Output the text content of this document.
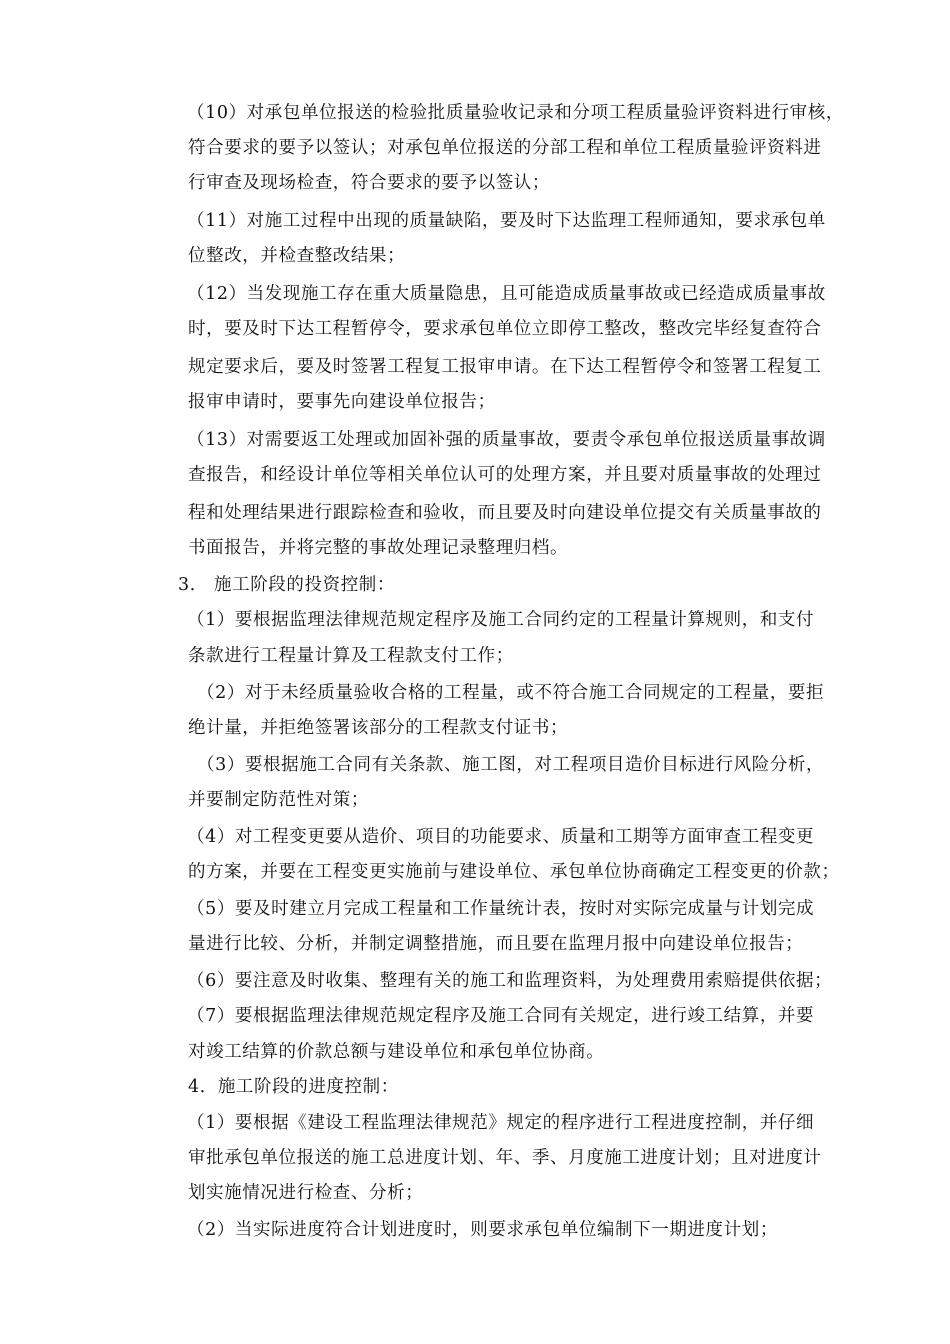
（10）对承包单位报送的检验批质量验收记录和分项工程质量验评资料进行审核，
符合要求的要予以签认；对承包单位报送的分部工程和单位工程质量验评资料进
行审查及现场检查，符合要求的要予以签认；
（11）对施工过程中出现的质量缺陷，要及时下达监理工程师通知，要求承包单
位整改，并检查整改结果；
（12）当发现施工存在重大质量隐患，且可能造成质量事故或已经造成质量事故
时，要及时下达工程暂停令，要求承包单位立即停工整改，整改完毕经复查符合
规定要求后，要及时签署工程复工报审申请。在下达工程暂停令和签署工程复工
报审申请时，要事先向建设单位报告；
（13）对需要返工处理或加固补强的质量事故，要责令承包单位报送质量事故调
查报告，和经设计单位等相关单位认可的处理方案，并且要对质量事故的处理过
程和处理结果进行跟踪检查和验收，而且要及时向建设单位提交有关质量事故的
书面报告，并将完整的事故处理记录整理归档。
3． 施工阶段的投资控制：
（1）要根据监理法律规范规定程序及施工合同约定的工程量计算规则，和支付
条款进行工程量计算及工程款支付工作；
（2）对于未经质量验收合格的工程量，或不符合施工合同规定的工程量，要拒
绝计量，并拒绝签署该部分的工程款支付证书；
（3）要根据施工合同有关条款、施工图，对工程项目造价目标进行风险分析，
并要制定防范性对策；
（4）对工程变更要从造价、项目的功能要求、质量和工期等方面审查工程变更
的方案，并要在工程变更实施前与建设单位、承包单位协商确定工程变更的价款；
（5）要及时建立月完成工程量和工作量统计表，按时对实际完成量与计划完成
量进行比较、分析，并制定调整措施，而且要在监理月报中向建设单位报告；
（6）要注意及时收集、整理有关的施工和监理资料，为处理费用索赔提供依据；
（7）要根据监理法律规范规定程序及施工合同有关规定，进行竣工结算，并要
对竣工结算的价款总额与建设单位和承包单位协商。
4．施工阶段的进度控制：
（1）要根据《建设工程监理法律规范》规定的程序进行工程进度控制，并仔细
审批承包单位报送的施工总进度计划、年、季、月度施工进度计划；且对进度计
划实施情况进行检查、分析；
（2）当实际进度符合计划进度时，则要求承包单位编制下一期进度计划；
